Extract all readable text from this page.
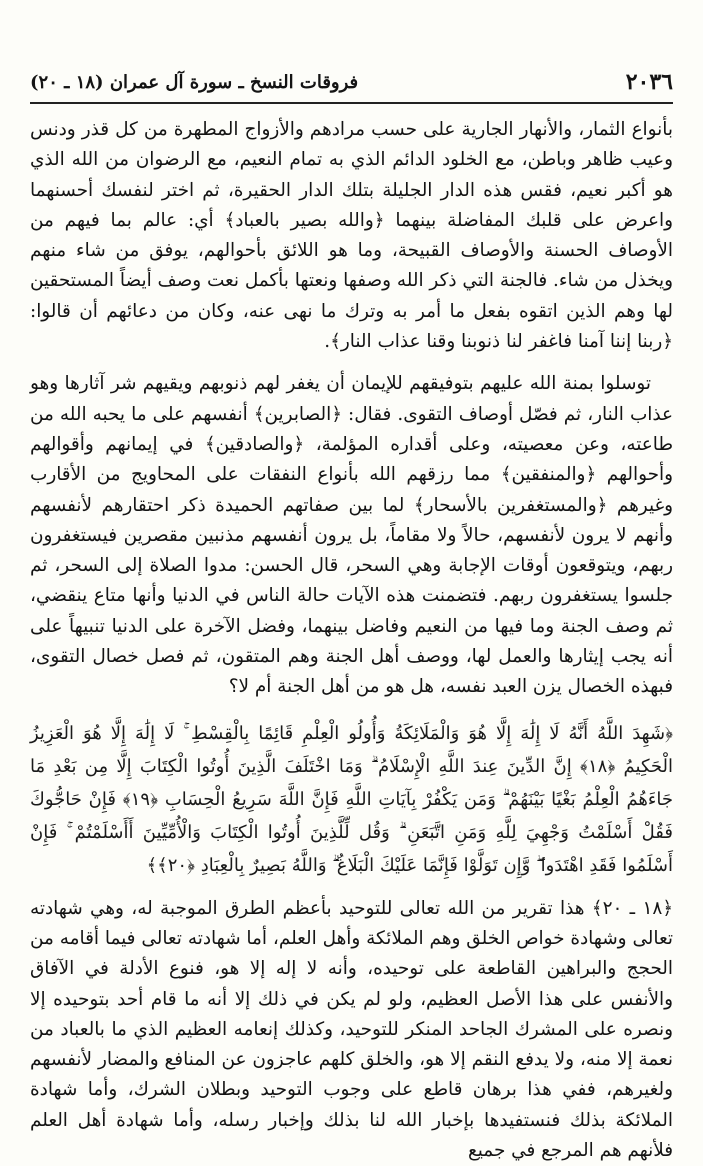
٢٠٣٦
فروقات النسخ ـ سورة آل عمران (١٨ ـ ٢٠)

بأنواع الثمار، والأنهار الجارية على حسب مرادهم والأزواج المطهرة من كل قذر ودنس وعيب ظاهر وباطن، مع الخلود الدائم الذي به تمام النعيم، مع الرضوان من الله الذي هو أكبر نعيم، فقس هذه الدار الجليلة بتلك الدار الحقيرة، ثم اختر لنفسك أحسنهما واعرض على قلبك المفاضلة بينهما ﴿والله بصير بالعباد﴾ أي: عالم بما فيهم من الأوصاف الحسنة والأوصاف القبيحة، وما هو اللائق بأحوالهم، يوفق من شاء منهم ويخذل من شاء. فالجنة التي ذكر الله وصفها ونعتها بأكمل نعت وصف أيضاً المستحقين لها وهم الذين اتقوه بفعل ما أمر به وترك ما نهى عنه، وكان من دعائهم أن قالوا: ﴿ربنا إننا آمنا فاغفر لنا ذنوبنا وقنا عذاب النار﴾.

توسلوا بمنة الله عليهم بتوفيقهم للإيمان أن يغفر لهم ذنوبهم ويقيهم شر آثارها وهو عذاب النار، ثم فصّل أوصاف التقوى. فقال: ﴿الصابرين﴾ أنفسهم على ما يحبه الله من طاعته، وعن معصيته، وعلى أقداره المؤلمة، ﴿والصادقين﴾ في إيمانهم وأقوالهم وأحوالهم ﴿والمنفقين﴾ مما رزقهم الله بأنواع النفقات على المحاويج من الأقارب وغيرهم ﴿والمستغفرين بالأسحار﴾ لما بين صفاتهم الحميدة ذكر احتقارهم لأنفسهم وأنهم لا يرون لأنفسهم، حالاً ولا مقاماً، بل يرون أنفسهم مذنبين مقصرين فيستغفرون ربهم، ويتوقعون أوقات الإجابة وهي السحر، قال الحسن: مدوا الصلاة إلى السحر، ثم جلسوا يستغفرون ربهم. فتضمنت هذه الآيات حالة الناس في الدنيا وأنها متاع ينقضي، ثم وصف الجنة وما فيها من النعيم وفاضل بينهما، وفضل الآخرة على الدنيا تنبيهاً على أنه يجب إيثارها والعمل لها، ووصف أهل الجنة وهم المتقون، ثم فصل خصال التقوى، فبهذه الخصال يزن العبد نفسه، هل هو من أهل الجنة أم لا؟

﴿شَهِدَ اللَّهُ أَنَّهُ لَا إِلَٰهَ إِلَّا هُوَ وَالْمَلَائِكَةُ وَأُولُو الْعِلْمِ قَائِمًا بِالْقِسْطِ ۚ لَا إِلَٰهَ إِلَّا هُوَ الْعَزِيزُ الْحَكِيمُ ﴿١٨﴾ إِنَّ الدِّينَ عِندَ اللَّهِ الْإِسْلَامُ ۗ وَمَا اخْتَلَفَ الَّذِينَ أُوتُوا الْكِتَابَ إِلَّا مِن بَعْدِ مَا جَاءَهُمُ الْعِلْمُ بَغْيًا بَيْنَهُمْ ۗ وَمَن يَكْفُرْ بِآيَاتِ اللَّهِ فَإِنَّ اللَّهَ سَرِيعُ الْحِسَابِ ﴿١٩﴾ فَإِنْ حَاجُّوكَ فَقُلْ أَسْلَمْتُ وَجْهِيَ لِلَّهِ وَمَنِ اتَّبَعَنِ ۗ وَقُل لِّلَّذِينَ أُوتُوا الْكِتَابَ وَالْأُمِّيِّينَ أَأَسْلَمْتُمْ ۚ فَإِنْ أَسْلَمُوا فَقَدِ اهْتَدَوا ۖ وَّإِن تَوَلَّوْا فَإِنَّمَا عَلَيْكَ الْبَلَاغُ ۗ وَاللَّهُ بَصِيرٌ بِالْعِبَادِ ﴿٢٠﴾﴾

﴿١٨ ـ ٢٠﴾ هذا تقرير من الله تعالى للتوحيد بأعظم الطرق الموجبة له، وهي شهادته تعالى وشهادة خواص الخلق وهم الملائكة وأهل العلم، أما شهادته تعالى فيما أقامه من الحجج والبراهين القاطعة على توحيده، وأنه لا إله إلا هو، فنوع الأدلة في الآفاق والأنفس على هذا الأصل العظيم، ولو لم يكن في ذلك إلا أنه ما قام أحد بتوحيده إلا ونصره على المشرك الجاحد المنكر للتوحيد، وكذلك إنعامه العظيم الذي ما بالعباد من نعمة إلا منه، ولا يدفع النقم إلا هو، والخلق كلهم عاجزون عن المنافع والمضار لأنفسهم ولغيرهم، ففي هذا برهان قاطع على وجوب التوحيد وبطلان الشرك، وأما شهادة الملائكة بذلك فنستفيدها بإخبار الله لنا بذلك وإخبار رسله، وأما شهادة أهل العلم فلأنهم هم المرجع في جميع
